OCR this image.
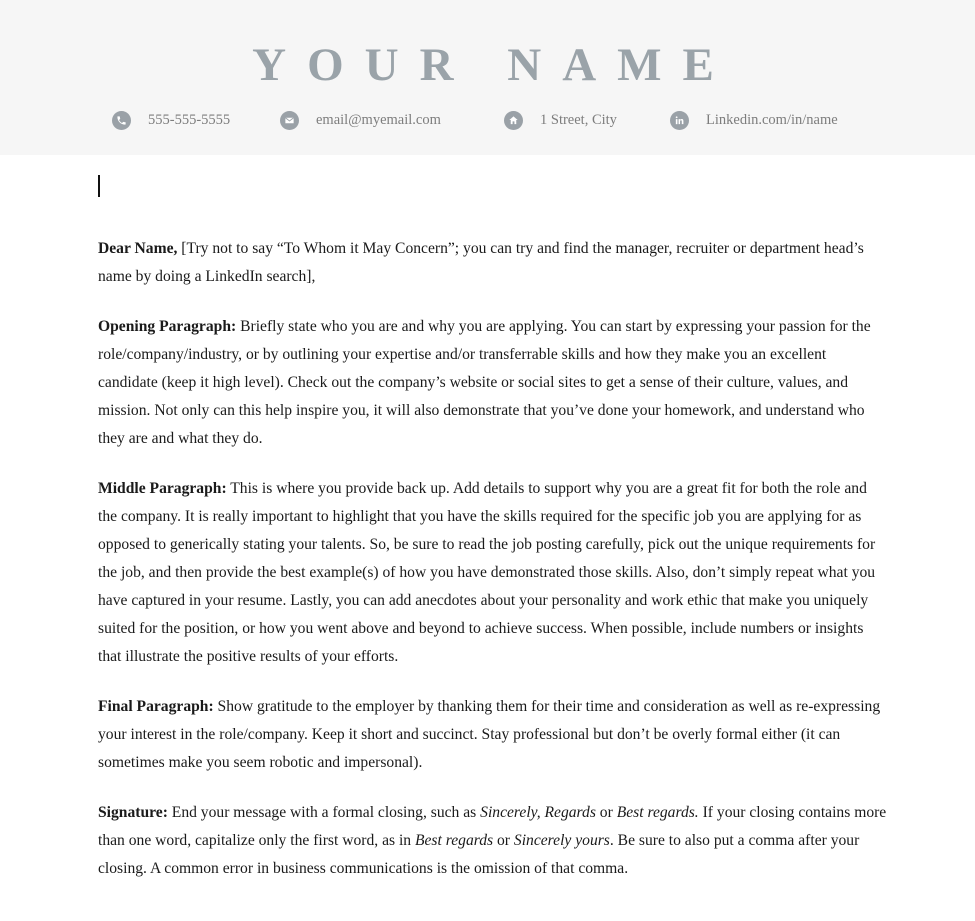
YOUR NAME
555-555-5555	email@myemail.com	1 Street, City	Linkedin.com/in/name

Dear Name, [Try not to say “To Whom it May Concern”; you can try and find the manager, recruiter or department head’s name by doing a LinkedIn search],

Opening Paragraph: Briefly state who you are and why you are applying. You can start by expressing your passion for the role/company/industry, or by outlining your expertise and/or transferrable skills and how they make you an excellent candidate (keep it high level). Check out the company’s website or social sites to get a sense of their culture, values, and mission. Not only can this help inspire you, it will also demonstrate that you’ve done your homework, and understand who they are and what they do.

Middle Paragraph: This is where you provide back up. Add details to support why you are a great fit for both the role and the company. It is really important to highlight that you have the skills required for the specific job you are applying for as opposed to generically stating your talents. So, be sure to read the job posting carefully, pick out the unique requirements for the job, and then provide the best example(s) of how you have demonstrated those skills. Also, don’t simply repeat what you have captured in your resume. Lastly, you can add anecdotes about your personality and work ethic that make you uniquely suited for the position, or how you went above and beyond to achieve success. When possible, include numbers or insights that illustrate the positive results of your efforts.

Final Paragraph: Show gratitude to the employer by thanking them for their time and consideration as well as re-expressing your interest in the role/company. Keep it short and succinct. Stay professional but don’t be overly formal either (it can sometimes make you seem robotic and impersonal).

Signature: End your message with a formal closing, such as Sincerely, Regards or Best regards. If your closing contains more than one word, capitalize only the first word, as in Best regards or Sincerely yours. Be sure to also put a comma after your closing. A common error in business communications is the omission of that comma.
